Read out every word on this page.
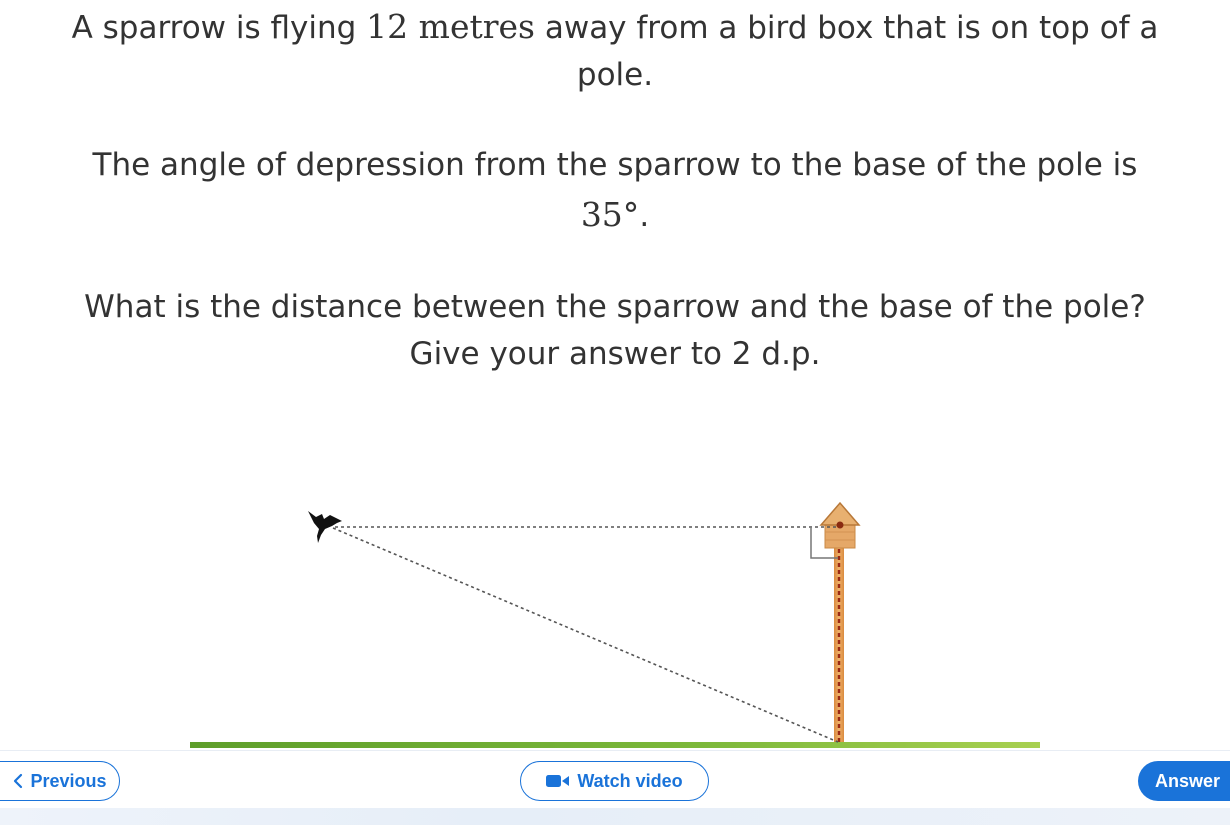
A sparrow is flying 12 metres away from a bird box that is on top of a
pole.
The angle of depression from the sparrow to the base of the pole is
35°.
What is the distance between the sparrow and the base of the pole?
Give your answer to 2 d.p.
Previous	Watch video	Answer
